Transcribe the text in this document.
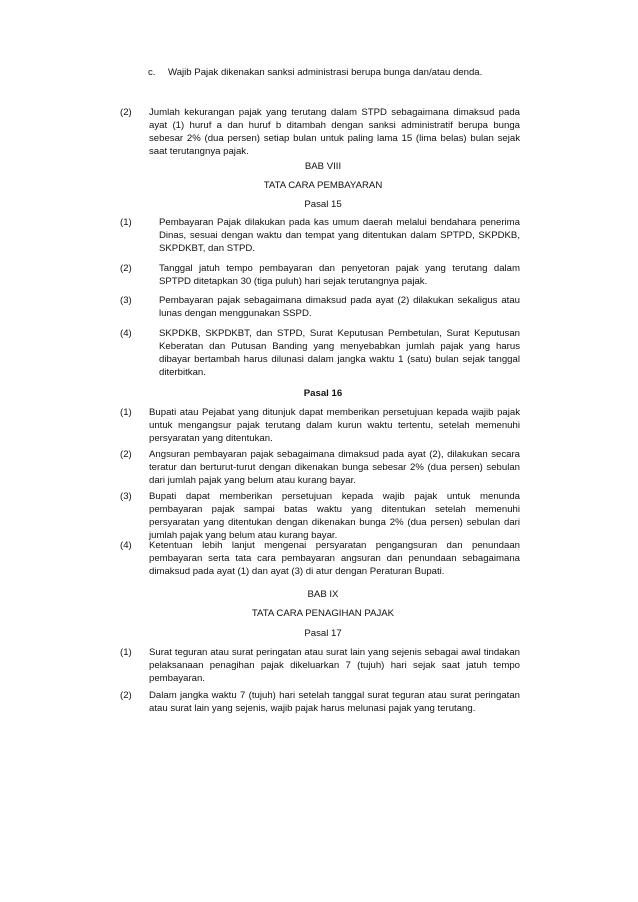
c.	Wajib Pajak dikenakan sanksi administrasi berupa bunga dan/atau denda.
(2)	Jumlah kekurangan pajak yang terutang dalam STPD sebagaimana dimaksud pada ayat (1) huruf a dan huruf b ditambah dengan sanksi administratif berupa bunga sebesar 2% (dua persen) setiap bulan untuk paling lama 15 (lima belas) bulan sejak saat terutangnya pajak.
BAB VIII
TATA CARA PEMBAYARAN
Pasal 15
(1)	Pembayaran Pajak dilakukan pada kas umum daerah melalui bendahara penerima Dinas, sesuai dengan waktu dan tempat yang ditentukan dalam SPTPD, SKPDKB, SKPDKBT, dan STPD.
(2)	Tanggal jatuh tempo pembayaran dan penyetoran pajak yang terutang dalam SPTPD ditetapkan 30 (tiga puluh) hari sejak terutangnya pajak.
(3)	Pembayaran pajak sebagaimana dimaksud pada ayat (2) dilakukan sekaligus atau lunas dengan menggunakan SSPD.
(4)	SKPDKB, SKPDKBT, dan STPD, Surat Keputusan Pembetulan, Surat Keputusan Keberatan dan Putusan Banding yang menyebabkan jumlah pajak yang harus dibayar bertambah harus dilunasi dalam jangka waktu 1 (satu) bulan sejak tanggal diterbitkan.
Pasal 16
(1)	Bupati atau Pejabat yang ditunjuk dapat memberikan persetujuan kepada wajib pajak untuk mengangsur pajak terutang dalam kurun waktu tertentu, setelah memenuhi persyaratan yang ditentukan.
(2)	Angsuran pembayaran pajak sebagaimana dimaksud pada ayat (2), dilakukan secara teratur dan berturut-turut dengan dikenakan bunga sebesar 2% (dua persen) sebulan dari jumlah pajak yang belum atau kurang bayar.
(3)	Bupati dapat memberikan persetujuan kepada wajib pajak untuk menunda pembayaran pajak sampai batas waktu yang ditentukan setelah memenuhi persyaratan yang ditentukan dengan dikenakan bunga 2% (dua persen) sebulan dari jumlah pajak yang belum atau kurang bayar.
(4)	Ketentuan lebih lanjut mengenai persyaratan pengangsuran dan penundaan pembayaran serta tata cara pembayaran angsuran dan penundaan sebagaimana dimaksud pada ayat (1) dan ayat (3) di atur dengan Peraturan Bupati.
BAB IX
TATA CARA PENAGIHAN PAJAK
Pasal 17
(1)	Surat teguran atau surat peringatan atau surat lain yang sejenis sebagai awal tindakan pelaksanaan penagihan pajak dikeluarkan 7 (tujuh) hari sejak saat jatuh tempo pembayaran.
(2)	Dalam jangka waktu 7 (tujuh) hari setelah tanggal surat teguran atau surat peringatan atau surat lain yang sejenis, wajib pajak harus melunasi pajak yang terutang.
